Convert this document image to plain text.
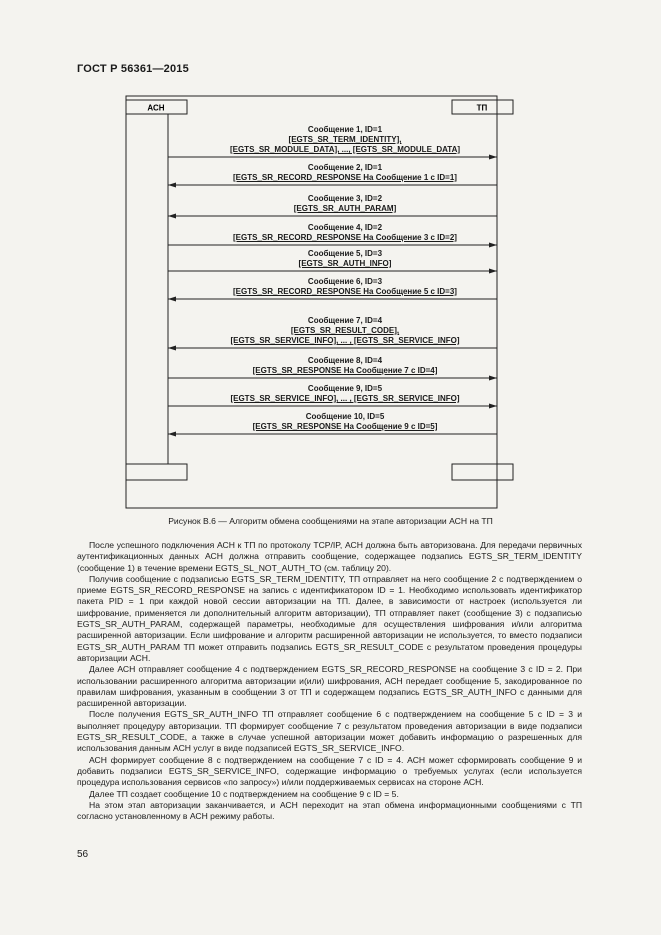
ГОСТ Р 56361—2015
АСН	ТП
Сообщение 1, ID=1
[EGTS_SR_TERM_IDENTITY],
[EGTS_SR_MODULE_DATA], ..., [EGTS_SR_MODULE_DATA]
Сообщение 2, ID=1
[EGTS_SR_RECORD_RESPONSE На Сообщение 1 с ID=1]
Сообщение 3, ID=2
[EGTS_SR_AUTH_PARAM]
Сообщение 4, ID=2
[EGTS_SR_RECORD_RESPONSE На Сообщение 3 с ID=2]
Сообщение 5, ID=3
[EGTS_SR_AUTH_INFO]
Сообщение 6, ID=3
[EGTS_SR_RECORD_RESPONSE На Сообщение 5 с ID=3]
Сообщение 7, ID=4
[EGTS_SR_RESULT_CODE],
[EGTS_SR_SERVICE_INFO], ... , [EGTS_SR_SERVICE_INFO]
Сообщение 8, ID=4
[EGTS_SR_RESPONSE На Сообщение 7 с ID=4]
Сообщение 9, ID=5
[EGTS_SR_SERVICE_INFO], ... , [EGTS_SR_SERVICE_INFO]
Сообщение 10, ID=5
[EGTS_SR_RESPONSE На Сообщение 9 с ID=5]
Рисунок В.6 — Алгоритм обмена сообщениями на этапе авторизации АСН на ТП

После успешного подключения АСН к ТП по протоколу TCP/IP, АСН должна быть авторизована. Для передачи первичных аутентификационных данных АСН должна отправить сообщение, содержащее подзапись EGTS_SR_TERM_IDENTITY (сообщение 1) в течение времени EGTS_SL_NOT_AUTH_TO (см. таблицу 20).

Получив сообщение с подзаписью EGTS_SR_TERM_IDENTITY, ТП отправляет на него сообщение 2 с подтверждением о приеме EGTS_SR_RECORD_RESPONSE на запись с идентификатором ID = 1. Необходимо использовать идентификатор пакета PID = 1 при каждой новой сессии авторизации на ТП. Далее, в зависимости от настроек (используется ли шифрование, применяется ли дополнительный алгоритм авторизации), ТП отправляет пакет (сообщение 3) с подзаписью EGTS_SR_AUTH_PARAM, содержащей параметры, необходимые для осуществления шифрования и/или алгоритма расширенной авторизации. Если шифрование и алгоритм расширенной авторизации не используется, то вместо подзаписи EGTS_SR_AUTH_PARAM ТП может отправить подзапись EGTS_SR_RESULT_CODE с результатом проведения процедуры авторизации АСН.

Далее АСН отправляет сообщение 4 с подтверждением EGTS_SR_RECORD_RESPONSE на сообщение 3 с ID = 2. При использовании расширенного алгоритма авторизации и(или) шифрования, АСН передает сообщение 5, закодированное по правилам шифрования, указанным в сообщении 3 от ТП и содержащем подзапись EGTS_SR_AUTH_INFO с данными для расширенной авторизации.

После получения EGTS_SR_AUTH_INFO ТП отправляет сообщение 6 с подтверждением на сообщение 5 с ID = 3 и выполняет процедуру авторизации. ТП формирует сообщение 7 с результатом проведения авторизации в виде подзаписи EGTS_SR_RESULT_CODE, а также в случае успешной авторизации может добавить информацию о разрешенных для использования данным АСН услуг в виде подзаписей EGTS_SR_SERVICE_INFO.

АСН формирует сообщение 8 с подтверждением на сообщение 7 с ID = 4. АСН может сформировать сообщение 9 и добавить подзаписи EGTS_SR_SERVICE_INFO, содержащие информацию о требуемых услугах (если используется процедура использования сервисов «по запросу») и/или поддерживаемых сервисах на стороне АСН.

Далее ТП создает сообщение 10 с подтверждением на сообщение 9 с ID = 5.

На этом этап авторизации заканчивается, и АСН переходит на этап обмена информационными сообщениями с ТП согласно установленному в АСН режиму работы.

56
